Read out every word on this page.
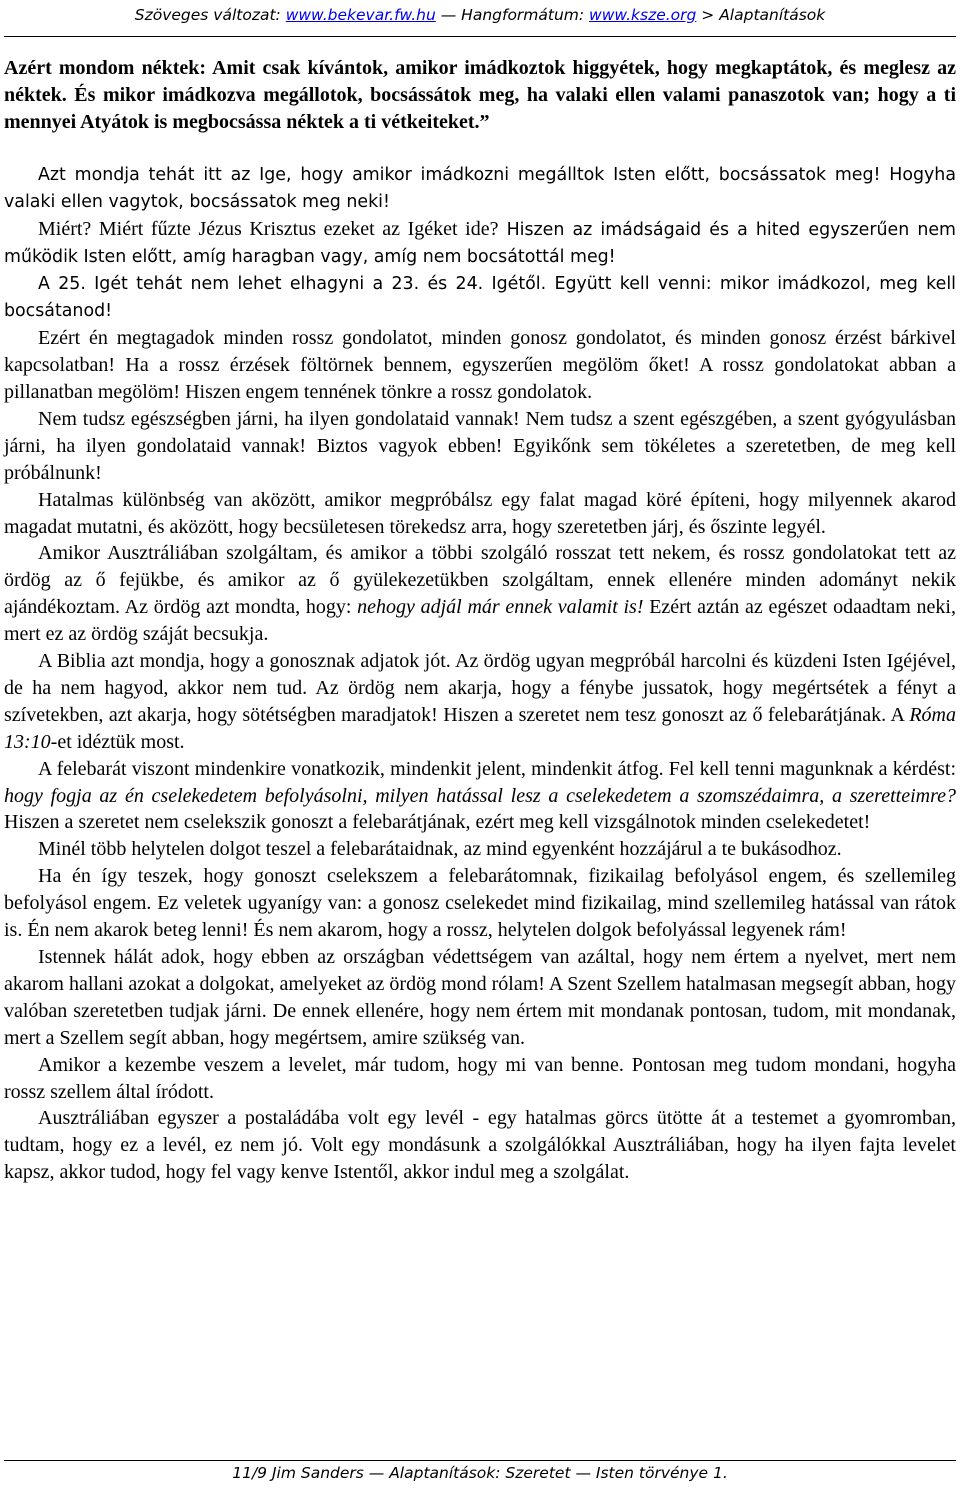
Szöveges változat: www.bekevar.fw.hu — Hangformátum: www.ksze.org > Alaptanítások

Azért mondom néktek: Amit csak kívántok, amikor imádkoztok higgyétek, hogy megkaptátok, és meglesz az néktek. És mikor imádkozva megállotok, bocsássátok meg, ha valaki ellen valami panaszotok van; hogy a ti mennyei Atyátok is megbocsássa néktek a ti vétkeiteket.”

Azt mondja tehát itt az Ige, hogy amikor imádkozni megálltok Isten előtt, bocsássatok meg! Hogyha valaki ellen vagytok, bocsássatok meg neki!

Miért? Miért fűzte Jézus Krisztus ezeket az Igéket ide? Hiszen az imádságaid és a hited egyszerűen nem működik Isten előtt, amíg haragban vagy, amíg nem bocsátottál meg!

A 25. Igét tehát nem lehet elhagyni a 23. és 24. Igétől. Együtt kell venni: mikor imádkozol, meg kell bocsátanod!

Ezért én megtagadok minden rossz gondolatot, minden gonosz gondolatot, és minden gonosz érzést bárkivel kapcsolatban! Ha a rossz érzések föltörnek bennem, egyszerűen megölöm őket! A rossz gondolatokat abban a pillanatban megölöm! Hiszen engem tennének tönkre a rossz gondolatok.

Nem tudsz egészségben járni, ha ilyen gondolataid vannak! Nem tudsz a szent egészgében, a szent gyógyulásban járni, ha ilyen gondolataid vannak! Biztos vagyok ebben! Egyikőnk sem tökéletes a szeretetben, de meg kell próbálnunk!

Hatalmas különbség van aközött, amikor megpróbálsz egy falat magad köré építeni, hogy milyennek akarod magadat mutatni, és aközött, hogy becsületesen törekedsz arra, hogy szeretetben járj, és őszinte legyél.

Amikor Ausztráliában szolgáltam, és amikor a többi szolgáló rosszat tett nekem, és rossz gondolatokat tett az ördög az ő fejükbe, és amikor az ő gyülekezetükben szolgáltam, ennek ellenére minden adományt nekik ajándékoztam. Az ördög azt mondta, hogy: nehogy adjál már ennek valamit is! Ezért aztán az egészet odaadtam neki, mert ez az ördög száját becsukja.

A Biblia azt mondja, hogy a gonosznak adjatok jót. Az ördög ugyan megpróbál harcolni és küzdeni Isten Igéjével, de ha nem hagyod, akkor nem tud. Az ördög nem akarja, hogy a fénybe jussatok, hogy megértsétek a fényt a szívetekben, azt akarja, hogy sötétségben maradjatok! Hiszen a szeretet nem tesz gonoszt az ő felebarátjának. A Róma 13:10-et idéztük most.

A felebarát viszont mindenkire vonatkozik, mindenkit jelent, mindenkit átfog. Fel kell tenni magunknak a kérdést: hogy fogja az én cselekedetem befolyásolni, milyen hatással lesz a cselekedetem a szomszédaimra, a szeretteimre? Hiszen a szeretet nem cselekszik gonoszt a felebarátjának, ezért meg kell vizsgálnotok minden cselekedetet!

Minél több helytelen dolgot teszel a felebarátaidnak, az mind egyenként hozzájárul a te bukásodhoz.

Ha én így teszek, hogy gonoszt cselekszem a felebarátomnak, fizikailag befolyásol engem, és szellemileg befolyásol engem. Ez veletek ugyanígy van: a gonosz cselekedet mind fizikailag, mind szellemileg hatással van rátok is. Én nem akarok beteg lenni! És nem akarom, hogy a rossz, helytelen dolgok befolyással legyenek rám!

Istennek hálát adok, hogy ebben az országban védettségem van azáltal, hogy nem értem a nyelvet, mert nem akarom hallani azokat a dolgokat, amelyeket az ördög mond rólam! A Szent Szellem hatalmasan megsegít abban, hogy valóban szeretetben tudjak járni. De ennek ellenére, hogy nem értem mit mondanak pontosan, tudom, mit mondanak, mert a Szellem segít abban, hogy megértsem, amire szükség van.

Amikor a kezembe veszem a levelet, már tudom, hogy mi van benne. Pontosan meg tudom mondani, hogyha rossz szellem által íródott.

Ausztráliában egyszer a postaládába volt egy levél - egy hatalmas görcs ütötte át a testemet a gyomromban, tudtam, hogy ez a levél, ez nem jó. Volt egy mondásunk a szolgálókkal Ausztráliában, hogy ha ilyen fajta levelet kapsz, akkor tudod, hogy fel vagy kenve Istentől, akkor indul meg a szolgálat.

11/9 Jim Sanders — Alaptanítások: Szeretet — Isten törvénye 1.
